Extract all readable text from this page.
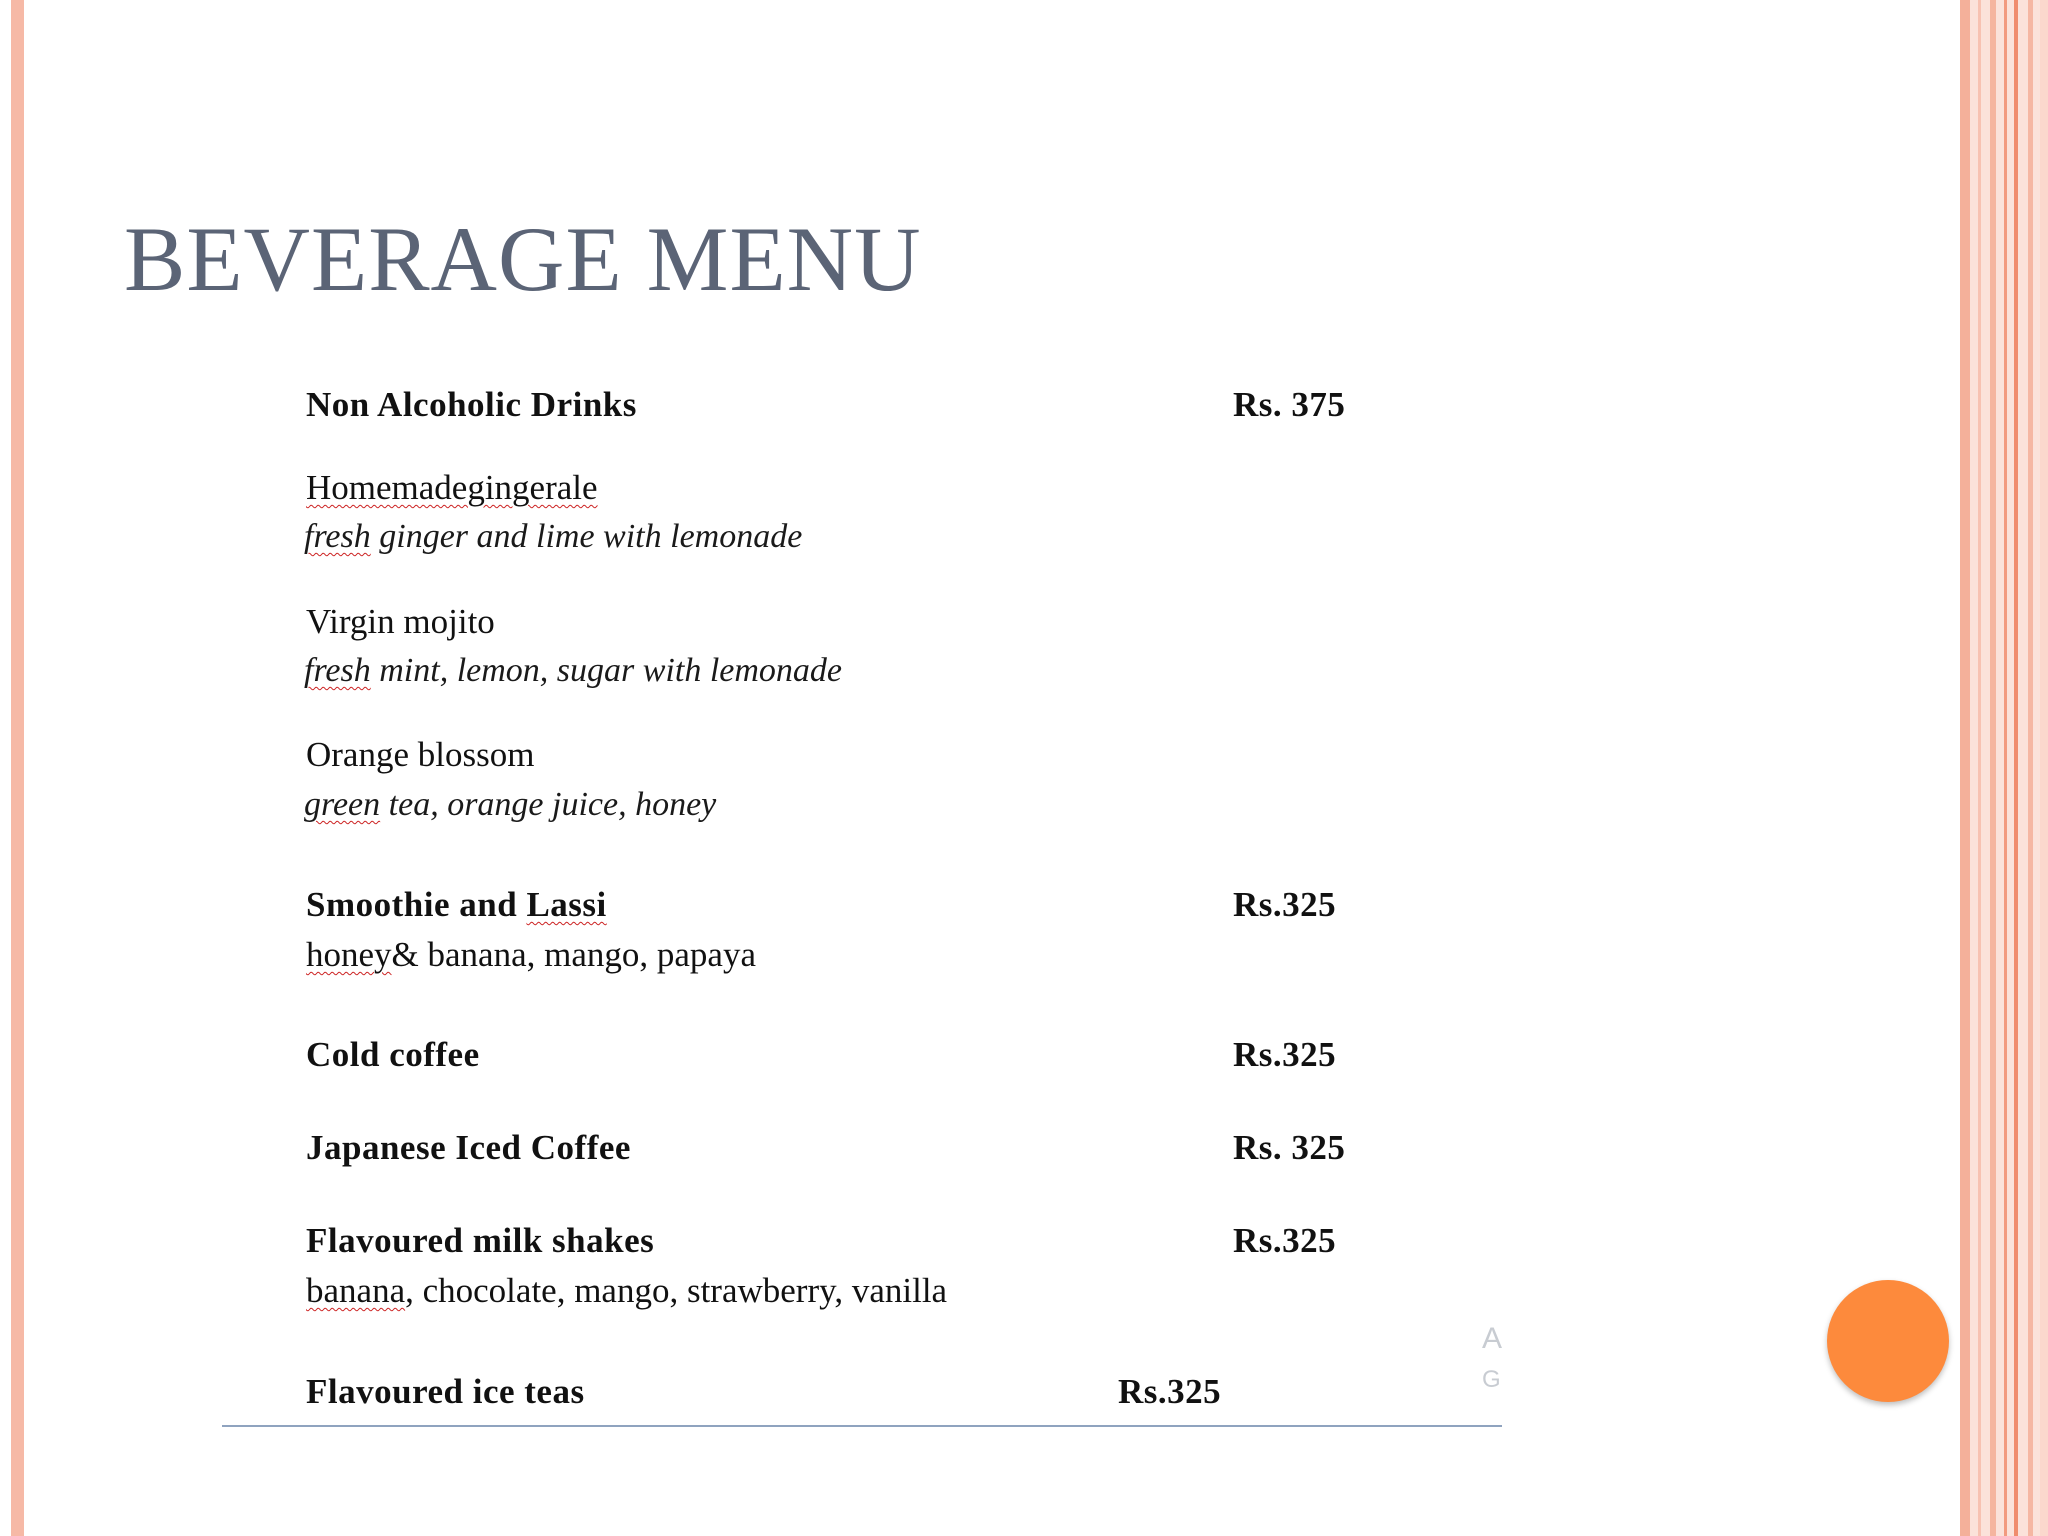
BEVERAGE MENU
Non Alcoholic Drinks	Rs. 375
Homemadegingerale
fresh ginger and lime with lemonade
Virgin mojito
fresh mint, lemon, sugar with lemonade
Orange blossom
green tea, orange juice, honey
Smoothie and Lassi	Rs.325
honey& banana, mango, papaya
Cold coffee	Rs.325
Japanese Iced Coffee	Rs. 325
Flavoured milk shakes	Rs.325
banana, chocolate, mango, strawberry, vanilla
Flavoured ice teas	Rs.325
A
G
